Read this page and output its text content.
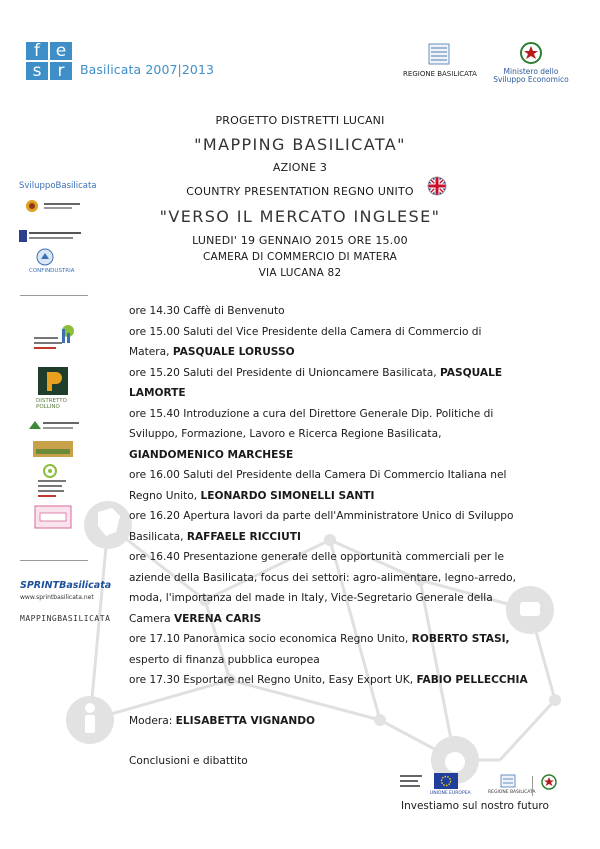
f e
s r	Basilicata 2007|2013	REGIONE BASILICATA	Ministero dello
Sviluppo Economico
PROGETTO DISTRETTI LUCANI
"MAPPING BASILICATA"
AZIONE 3
COUNTRY PRESENTATION REGNO UNITO
"VERSO IL MERCATO INGLESE"
LUNEDI' 19 GENNAIO 2015 ORE 15.00
CAMERA DI COMMERCIO DI MATERA
VIA LUCANA 82
SviluppoBasilicata
CONFINDUSTRIA
DISTRETTO POLLINO
SPRINTBasilicata
www.sprintbasilicata.net
MAPPINGBASILICATA
ore 14.30 Caffè di Benvenuto
ore 15.00 Saluti del Vice Presidente della Camera di Commercio di
Matera, PASQUALE LORUSSO
ore 15.20 Saluti del Presidente di Unioncamere Basilicata, PASQUALE
LAMORTE
ore 15.40 Introduzione a cura del Direttore Generale Dip. Politiche di
Sviluppo, Formazione, Lavoro e Ricerca Regione Basilicata,
GIANDOMENICO MARCHESE
ore 16.00 Saluti del Presidente della Camera Di Commercio Italiana nel
Regno Unito, LEONARDO SIMONELLI SANTI
ore 16.20 Apertura lavori da parte dell'Amministratore Unico di Sviluppo
Basilicata, RAFFAELE RICCIUTI
ore 16.40 Presentazione generale delle opportunità commerciali per le
aziende della Basilicata, focus dei settori: agro-alimentare, legno-arredo,
moda, l'importanza del made in Italy, Vice-Segretario Generale della
Camera VERENA CARIS
ore 17.10 Panoramica socio economica Regno Unito, ROBERTO STASI,
esperto di finanza pubblica europea
ore 17.30 Esportare nel Regno Unito, Easy Export UK, FABIO PELLECCHIA
Modera: ELISABETTA VIGNANDO
Conclusioni e dibattito
UNIONE EUROPEA	REGIONE BASILICATA
Investiamo sul nostro futuro
